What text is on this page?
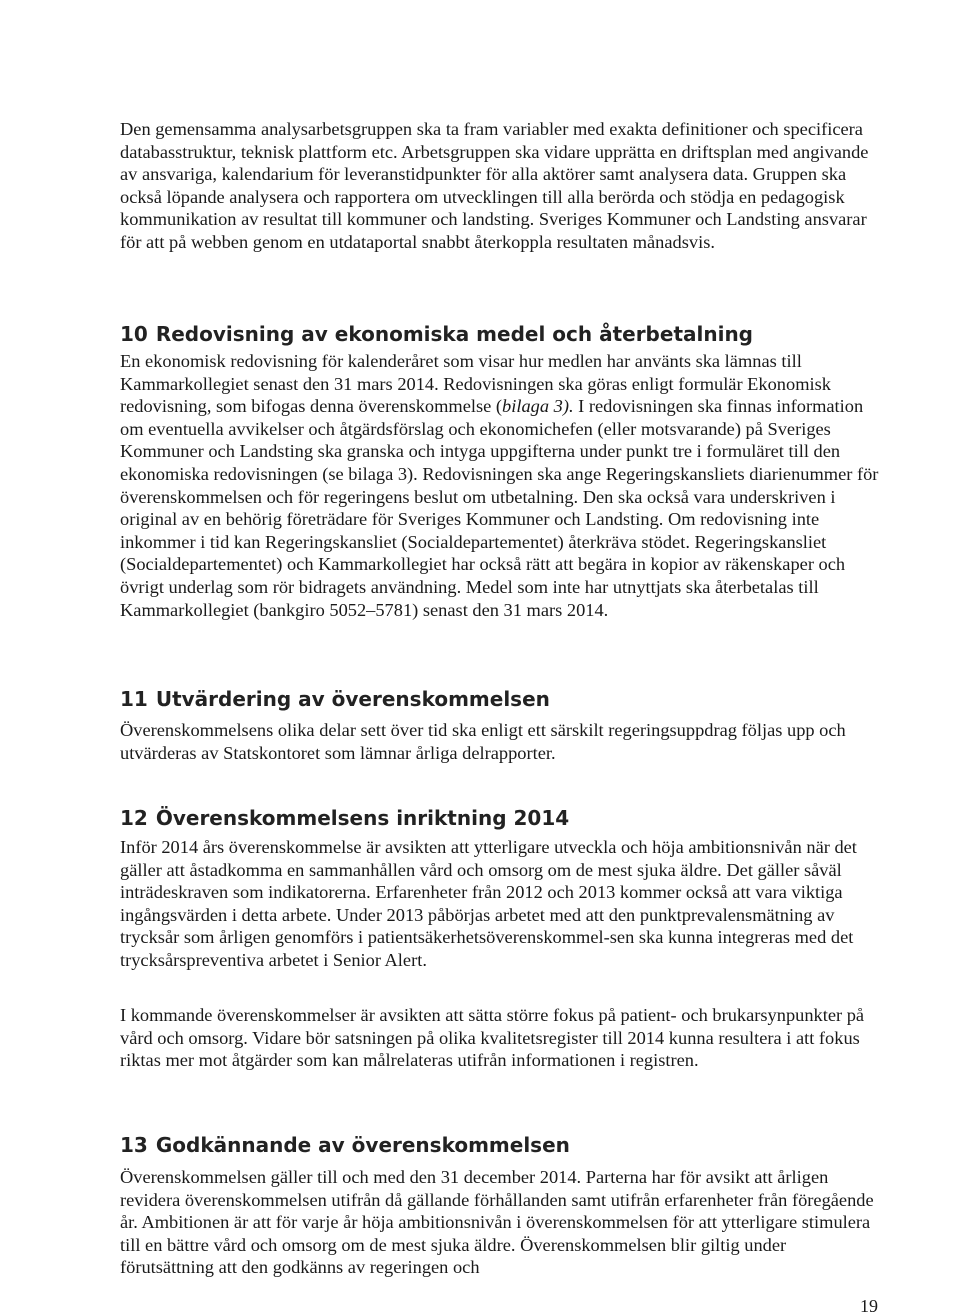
Den gemensamma analysarbetsgruppen ska ta fram variabler med exakta definitioner och specificera databasstruktur, teknisk plattform etc. Arbetsgruppen ska vidare upprätta en driftsplan med angivande av ansvariga, kalendarium för leveranstidpunkter för alla aktörer samt analysera data. Gruppen ska också löpande analysera och rapportera om utvecklingen till alla berörda och stödja en pedagogisk kommunikation av resultat till kommuner och landsting. Sveriges Kommuner och Landsting ansvarar för att på webben genom en utdataportal snabbt återkoppla resultaten månadsvis.

10 Redovisning av ekonomiska medel och återbetalning

En ekonomisk redovisning för kalenderåret som visar hur medlen har använts ska lämnas till Kammarkollegiet senast den 31 mars 2014. Redovisningen ska göras enligt formulär Ekonomisk redovisning, som bifogas denna överenskommelse (bilaga 3). I redovisningen ska finnas information om eventuella avvikelser och åtgärdsförslag och ekonomichefen (eller motsvarande) på Sveriges Kommuner och Landsting ska granska och intyga uppgifterna under punkt tre i formuläret till den ekonomiska redovisningen (se bilaga 3). Redovisningen ska ange Regeringskansliets diarienummer för överenskommelsen och för regeringens beslut om utbetalning. Den ska också vara underskriven i original av en behörig företrädare för Sveriges Kommuner och Landsting. Om redovisning inte inkommer i tid kan Regeringskansliet (Socialdepartementet) återkräva stödet. Regeringskansliet (Socialdepartementet) och Kammarkollegiet har också rätt att begära in kopior av räkenskaper och övrigt underlag som rör bidragets användning. Medel som inte har utnyttjats ska återbetalas till Kammarkollegiet (bankgiro 5052–5781) senast den 31 mars 2014.

11 Utvärdering av överenskommelsen

Överenskommelsens olika delar sett över tid ska enligt ett särskilt regeringsuppdrag följas upp och utvärderas av Statskontoret som lämnar årliga delrapporter.

12 Överenskommelsens inriktning 2014

Inför 2014 års överenskommelse är avsikten att ytterligare utveckla och höja ambitionsnivån när det gäller att åstadkomma en sammanhållen vård och omsorg om de mest sjuka äldre. Det gäller såväl inträdeskraven som indikatorerna. Erfarenheter från 2012 och 2013 kommer också att vara viktiga ingångsvärden i detta arbete. Under 2013 påbörjas arbetet med att den punktprevalensmätning av trycksår som årligen genomförs i patientsäkerhetsöverenskommel-sen ska kunna integreras med det trycksårspreventiva arbetet i Senior Alert.

I kommande överenskommelser är avsikten att sätta större fokus på patient- och brukarsynpunkter på vård och omsorg. Vidare bör satsningen på olika kvalitetsregister till 2014 kunna resultera i att fokus riktas mer mot åtgärder som kan målrelateras utifrån informationen i registren.

13 Godkännande av överenskommelsen

Överenskommelsen gäller till och med den 31 december 2014. Parterna har för avsikt att årligen revidera överenskommelsen utifrån då gällande förhållanden samt utifrån erfarenheter från föregående år. Ambitionen är att för varje år höja ambitionsnivån i överenskommelsen för att ytterligare stimulera till en bättre vård och omsorg om de mest sjuka äldre. Överenskommelsen blir giltig under förutsättning att den godkänns av regeringen och

19
